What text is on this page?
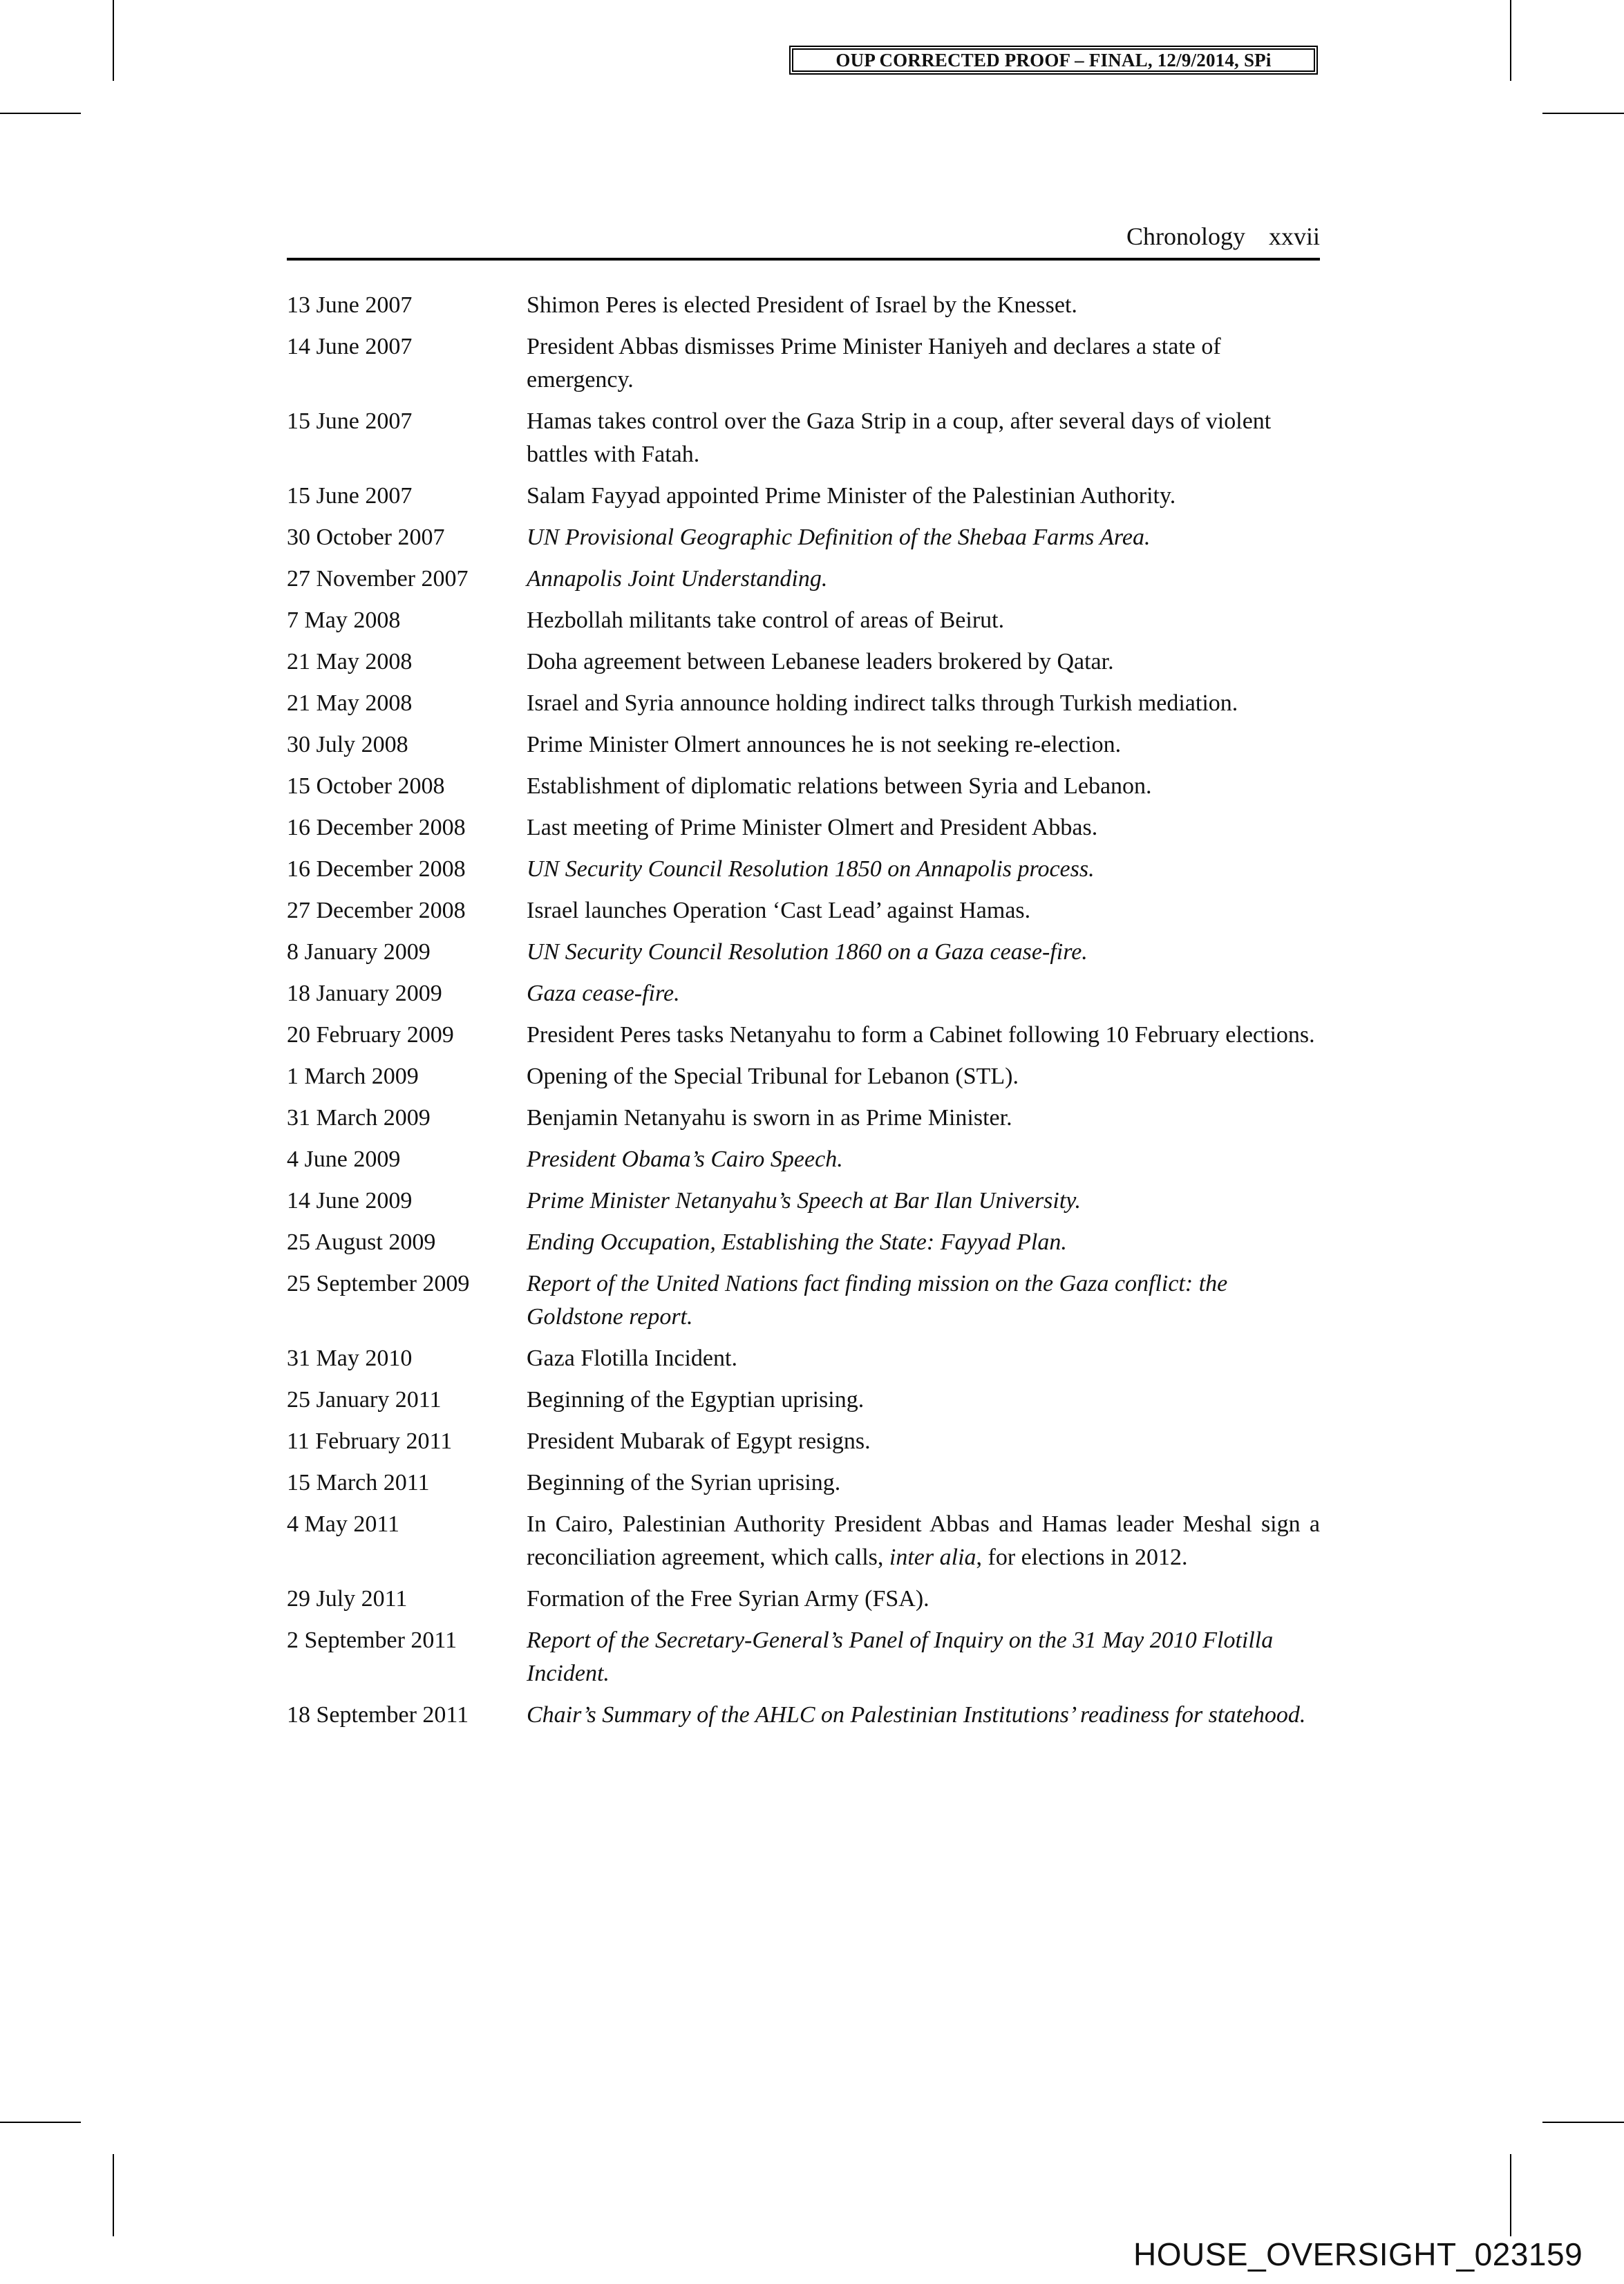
OUP CORRECTED PROOF – FINAL, 12/9/2014, SPi
Chronology xxvii
13 June 2007	Shimon Peres is elected President of Israel by the Knesset.
14 June 2007	President Abbas dismisses Prime Minister Haniyeh and declares a state of emergency.
15 June 2007	Hamas takes control over the Gaza Strip in a coup, after several days of violent battles with Fatah.
15 June 2007	Salam Fayyad appointed Prime Minister of the Palestinian Authority.
30 October 2007	UN Provisional Geographic Definition of the Shebaa Farms Area.
27 November 2007	Annapolis Joint Understanding.
7 May 2008	Hezbollah militants take control of areas of Beirut.
21 May 2008	Doha agreement between Lebanese leaders brokered by Qatar.
21 May 2008	Israel and Syria announce holding indirect talks through Turkish mediation.
30 July 2008	Prime Minister Olmert announces he is not seeking re-election.
15 October 2008	Establishment of diplomatic relations between Syria and Lebanon.
16 December 2008	Last meeting of Prime Minister Olmert and President Abbas.
16 December 2008	UN Security Council Resolution 1850 on Annapolis process.
27 December 2008	Israel launches Operation ‘Cast Lead’ against Hamas.
8 January 2009	UN Security Council Resolution 1860 on a Gaza cease-fire.
18 January 2009	Gaza cease-fire.
20 February 2009	President Peres tasks Netanyahu to form a Cabinet following 10 February elections.
1 March 2009	Opening of the Special Tribunal for Lebanon (STL).
31 March 2009	Benjamin Netanyahu is sworn in as Prime Minister.
4 June 2009	President Obama’s Cairo Speech.
14 June 2009	Prime Minister Netanyahu’s Speech at Bar Ilan University.
25 August 2009	Ending Occupation, Establishing the State: Fayyad Plan.
25 September 2009	Report of the United Nations fact finding mission on the Gaza conflict: the Goldstone report.
31 May 2010	Gaza Flotilla Incident.
25 January 2011	Beginning of the Egyptian uprising.
11 February 2011	President Mubarak of Egypt resigns.
15 March 2011	Beginning of the Syrian uprising.
4 May 2011	In Cairo, Palestinian Authority President Abbas and Hamas leader Meshal sign a reconciliation agreement, which calls, inter alia, for elections in 2012.
29 July 2011	Formation of the Free Syrian Army (FSA).
2 September 2011	Report of the Secretary-General’s Panel of Inquiry on the 31 May 2010 Flotilla Incident.
18 September 2011	Chair’s Summary of the AHLC on Palestinian Institutions’ readiness for statehood.
HOUSE_OVERSIGHT_023159
